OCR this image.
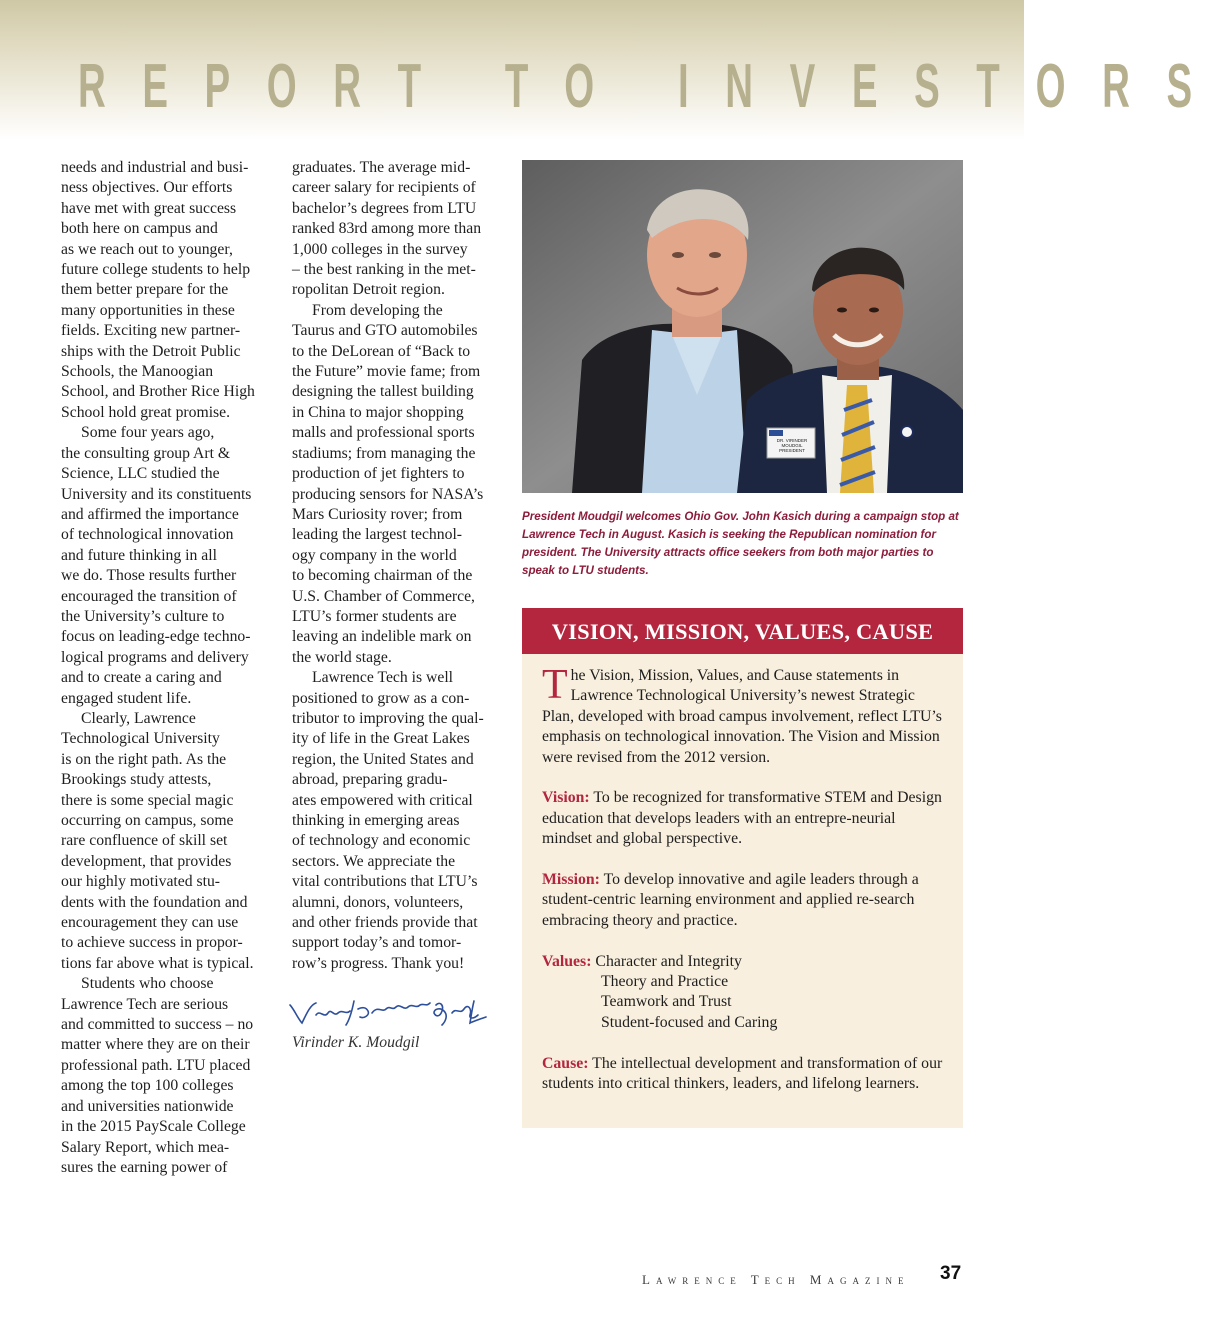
REPORT TO INVESTORS
needs and industrial and busi-
ness objectives. Our efforts
have met with great success
both here on campus and
as we reach out to younger,
future college students to help
them better prepare for the
many opportunities in these
fields. Exciting new partner-
ships with the Detroit Public
Schools, the Manoogian
School, and Brother Rice High
School hold great promise.
Some four years ago,
the consulting group Art &
Science, LLC studied the
University and its constituents
and affirmed the importance
of technological innovation
and future thinking in all
we do. Those results further
encouraged the transition of
the University’s culture to
focus on leading-edge techno-
logical programs and delivery
and to create a caring and
engaged student life.
Clearly, Lawrence
Technological University
is on the right path. As the
Brookings study attests,
there is some special magic
occurring on campus, some
rare confluence of skill set
development, that provides
our highly motivated stu-
dents with the foundation and
encouragement they can use
to achieve success in propor-
tions far above what is typical.
Students who choose
Lawrence Tech are serious
and committed to success – no
matter where they are on their
professional path. LTU placed
among the top 100 colleges
and universities nationwide
in the 2015 PayScale College
Salary Report, which mea-
sures the earning power of
graduates. The average mid-
career salary for recipients of
bachelor’s degrees from LTU
ranked 83rd among more than
1,000 colleges in the survey
– the best ranking in the met-
ropolitan Detroit region.
From developing the
Taurus and GTO automobiles
to the DeLorean of “Back to
the Future” movie fame; from
designing the tallest building
in China to major shopping
malls and professional sports
stadiums; from managing the
production of jet fighters to
producing sensors for NASA’s
Mars Curiosity rover; from
leading the largest technol-
ogy company in the world
to becoming chairman of the
U.S. Chamber of Commerce,
LTU’s former students are
leaving an indelible mark on
the world stage.
Lawrence Tech is well
positioned to grow as a con-
tributor to improving the qual-
ity of life in the Great Lakes
region, the United States and
abroad, preparing gradu-
ates empowered with critical
thinking in emerging areas
of technology and economic
sectors. We appreciate the
vital contributions that LTU’s
alumni, donors, volunteers,
and other friends provide that
support today’s and tomor-
row’s progress. Thank you!
Virinder K. Moudgil
DR. VIRINDER
MOUDGIL
PRESIDENT
President Moudgil welcomes Ohio Gov. John Kasich during a campaign stop at Lawrence Tech in August. Kasich is seeking the Republican nomination for president. The University attracts office seekers from both major parties to speak to LTU students.
VISION, MISSION, VALUES, CAUSE

The Vision, Mission, Values, and Cause statements in Lawrence Technological University’s newest Strategic Plan, developed with broad campus involvement, reflect LTU’s emphasis on technological innovation. The Vision and Mission were revised from the 2012 version.

Vision: To be recognized for transformative STEM and Design education that develops leaders with an entrepre-neurial mindset and global perspective.

Mission: To develop innovative and agile leaders through a student-centric learning environment and applied re-search embracing theory and practice.

Values: Character and Integrity
Theory and Practice
Teamwork and Trust
Student-focused and Caring

Cause: The intellectual development and transformation of our students into critical thinkers, leaders, and lifelong learners.

Lawrence Tech Magazine 37
